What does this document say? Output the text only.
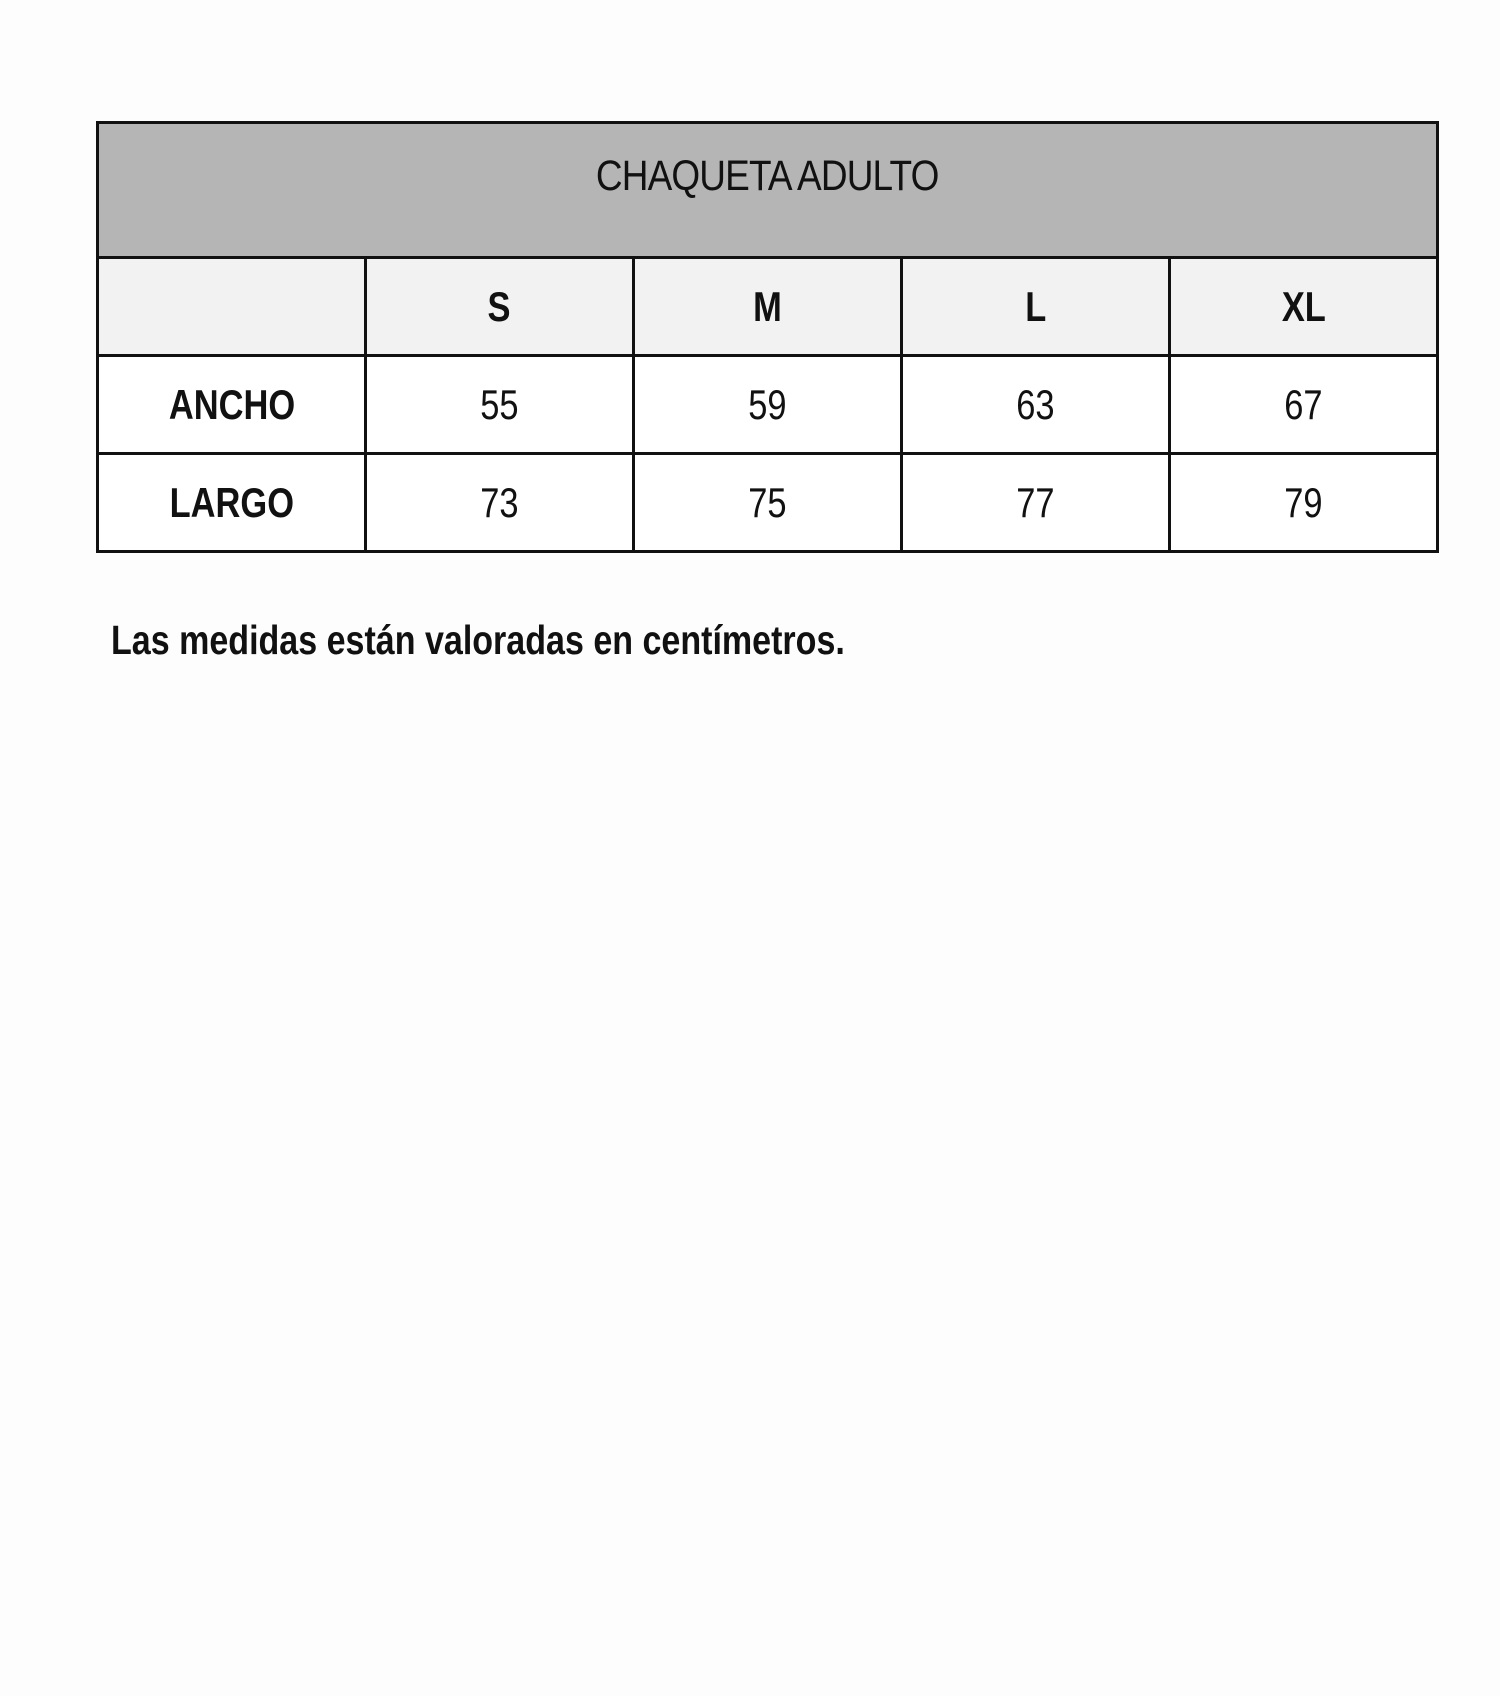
CHAQUETA ADULTO				
	S	M	L	XL
ANCHO	55	59	63	67
LARGO	73	75	77	79
Las medidas están valoradas en centímetros.
